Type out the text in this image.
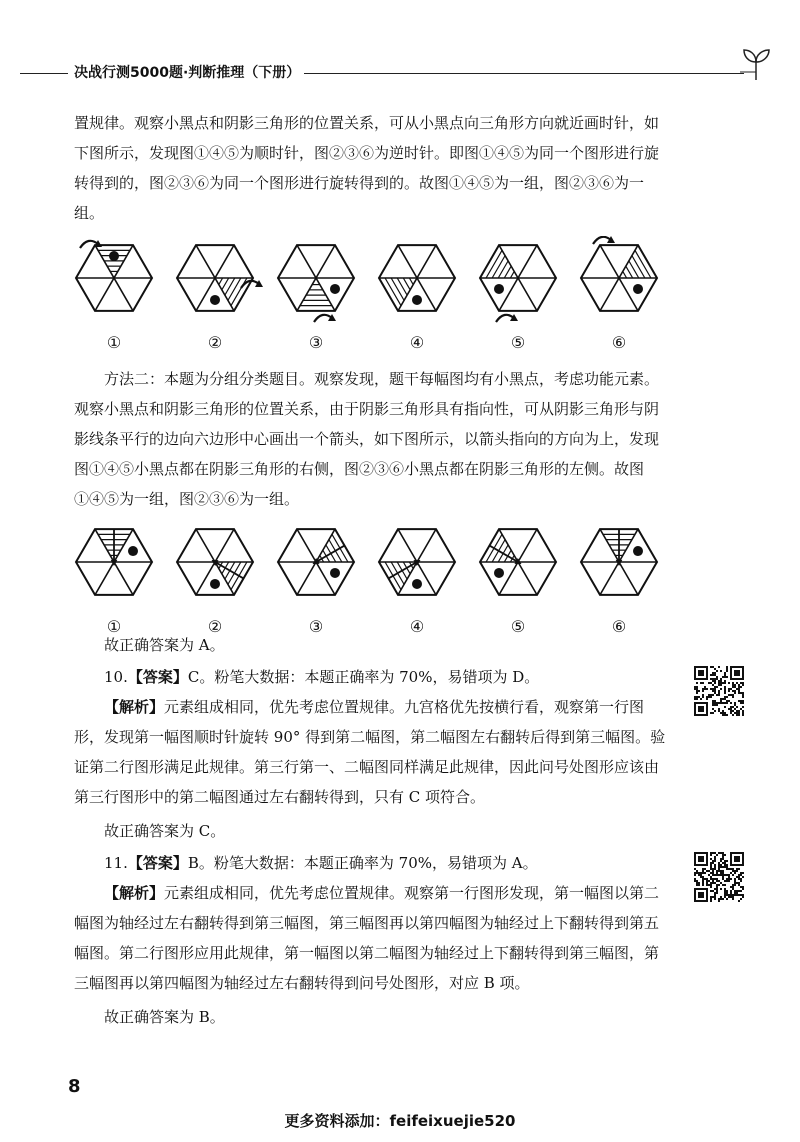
决战行测5000题·判断推理（下册）
置规律。观察小黑点和阴影三角形的位置关系，可从小黑点向三角形方向就近画时针，如下图所示，发现图①④⑤为顺时针，图②③⑥为逆时针。即图①④⑤为同一个图形进行旋转得到的，图②③⑥为同一个图形进行旋转得到的。故图①④⑤为一组，图②③⑥为一组。
①	②	③	④	⑤	⑥
方法二：本题为分组分类题目。观察发现，题干每幅图均有小黑点，考虑功能元素。观察小黑点和阴影三角形的位置关系，由于阴影三角形具有指向性，可从阴影三角形与阴影线条平行的边向六边形中心画出一个箭头，如下图所示，以箭头指向的方向为上，发现图①④⑤小黑点都在阴影三角形的右侧，图②③⑥小黑点都在阴影三角形的左侧。故图①④⑤为一组，图②③⑥为一组。
①	②	③	④	⑤	⑥
故正确答案为 A。
10.【答案】C。粉笔大数据：本题正确率为 70%，易错项为 D。
【解析】元素组成相同，优先考虑位置规律。九宫格优先按横行看，观察第一行图形，发现第一幅图顺时针旋转 90° 得到第二幅图，第二幅图左右翻转后得到第三幅图。验证第二行图形满足此规律。第三行第一、二幅图同样满足此规律，因此问号处图形应该由第三行图形中的第二幅图通过左右翻转得到，只有 C 项符合。
故正确答案为 C。
11.【答案】B。粉笔大数据：本题正确率为 70%，易错项为 A。
【解析】元素组成相同，优先考虑位置规律。观察第一行图形发现，第一幅图以第二幅图为轴经过左右翻转得到第三幅图，第三幅图再以第四幅图为轴经过上下翻转得到第五幅图。第二行图形应用此规律，第一幅图以第二幅图为轴经过上下翻转得到第三幅图，第三幅图再以第四幅图为轴经过左右翻转得到问号处图形，对应 B 项。
故正确答案为 B。
8
更多资料添加：feifeixuejie520
